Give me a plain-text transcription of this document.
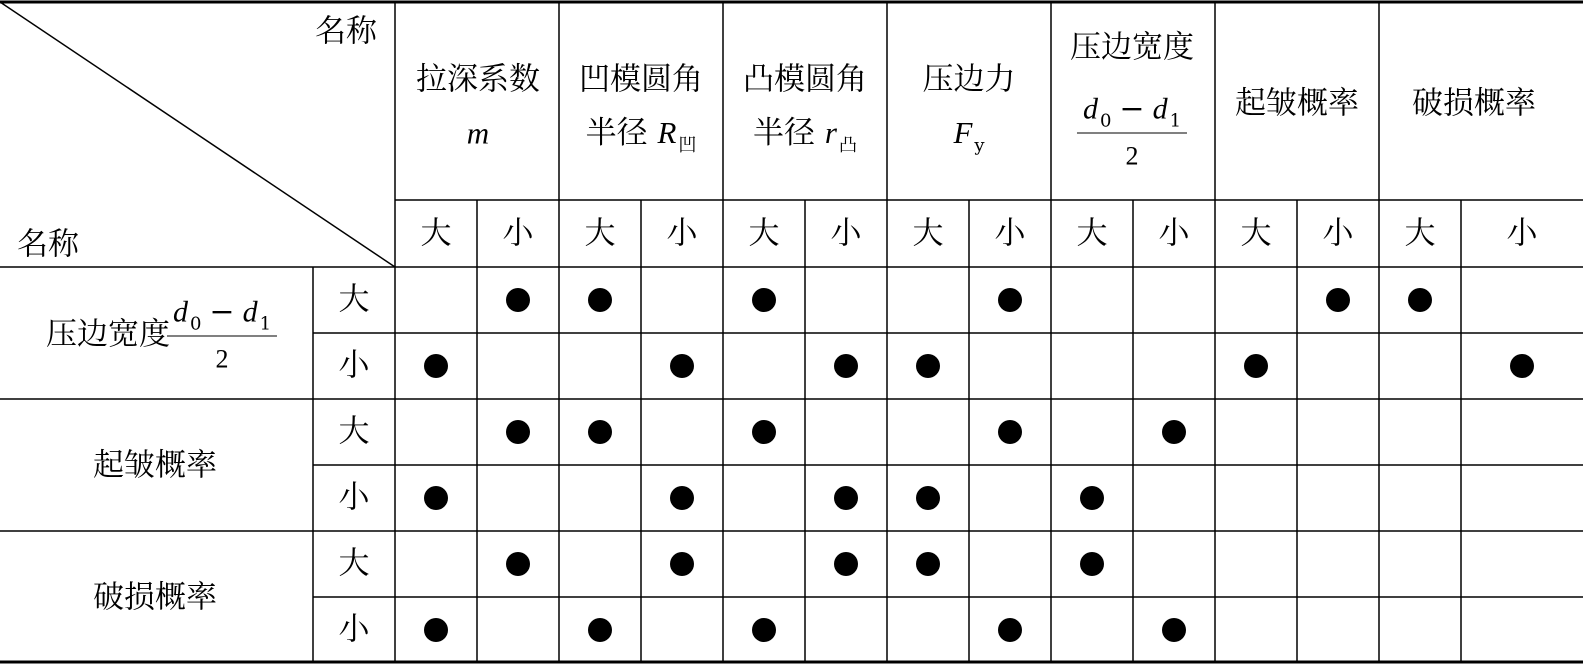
名称
名称
拉深系数
m
凹模圆角
半径 R $_凹$
凸模圆角
半径 r $_凸$
压边力
F $_y$
压边宽度
d $_0$ − d $_1$
2
起皱概率 破损概率
大 小 大 小 大 小 大 小 大 小 大 小 大 小
压边宽度
d $_0$ − d $_1$
2
起皱概率
破损概率
大
小
大
小
大
小
